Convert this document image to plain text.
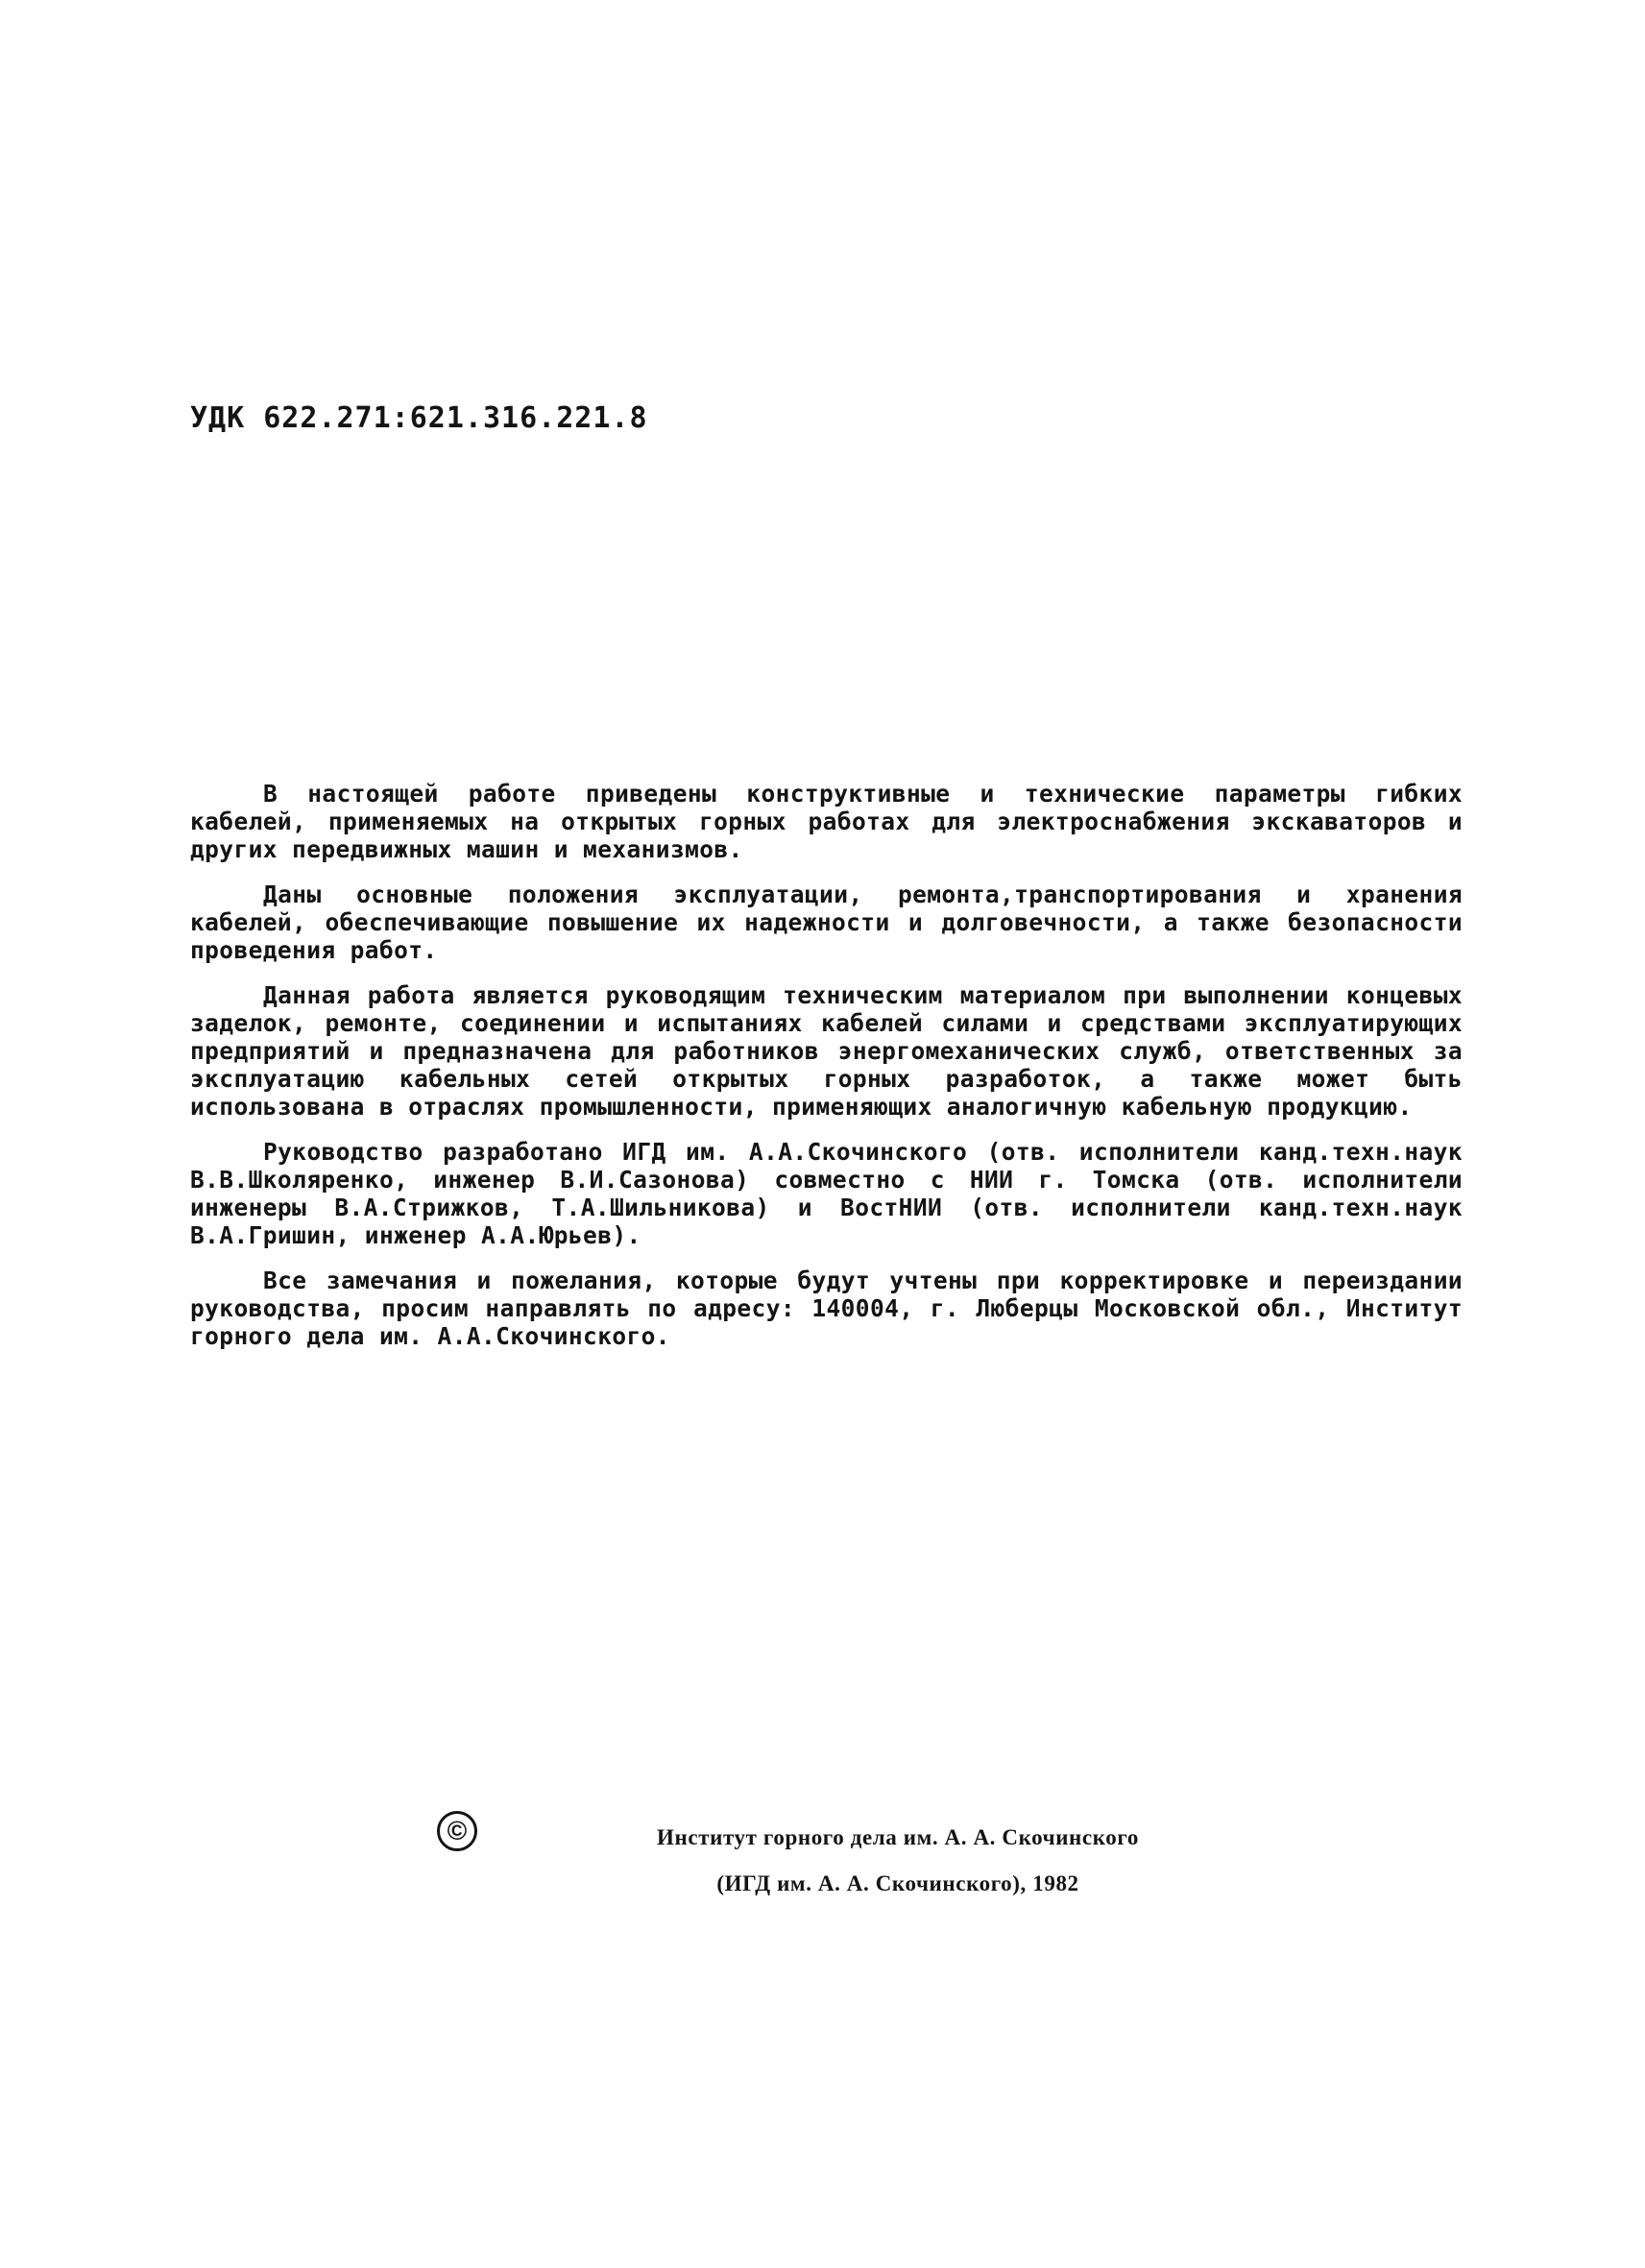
УДК 622.271:621.316.221.8

В настоящей работе приведены конструктивные и технические параметры гибких кабелей, применяемых на открытых горных работах для электроснабжения экскаваторов и других передвижных машин и механизмов.

Даны основные положения эксплуатации, ремонта,транспортирования и хранения кабелей, обеспечивающие повышение их надежности и долговечности, а также безопасности проведения работ.

Данная работа является руководящим техническим материалом при выполнении концевых заделок, ремонте, соединении и испытаниях кабелей силами и средствами эксплуатирующих предприятий и предназначена для работников энергомеханических служб, ответственных за эксплуатацию кабельных сетей открытых горных разработок, а также может быть использована в отраслях промышленности, применяющих аналогичную кабельную продукцию.

Руководство разработано ИГД им. А.А.Скочинского (отв. исполнители канд.техн.наук В.В.Школяренко, инженер В.И.Сазонова) совместно с НИИ г. Томска (отв. исполнители инженеры В.А.Стрижков, Т.А.Шильникова) и ВостНИИ (отв. исполнители канд.техн.наук В.А.Гришин, инженер А.А.Юрьев).

Все замечания и пожелания, которые будут учтены при корректировке и переиздании руководства, просим направлять по адресу: 140004, г. Люберцы Московской обл., Институт горного дела им. А.А.Скочинского.

©	Институт горного дела им. А. А. Скочинского
(ИГД им. А. А. Скочинского), 1982
